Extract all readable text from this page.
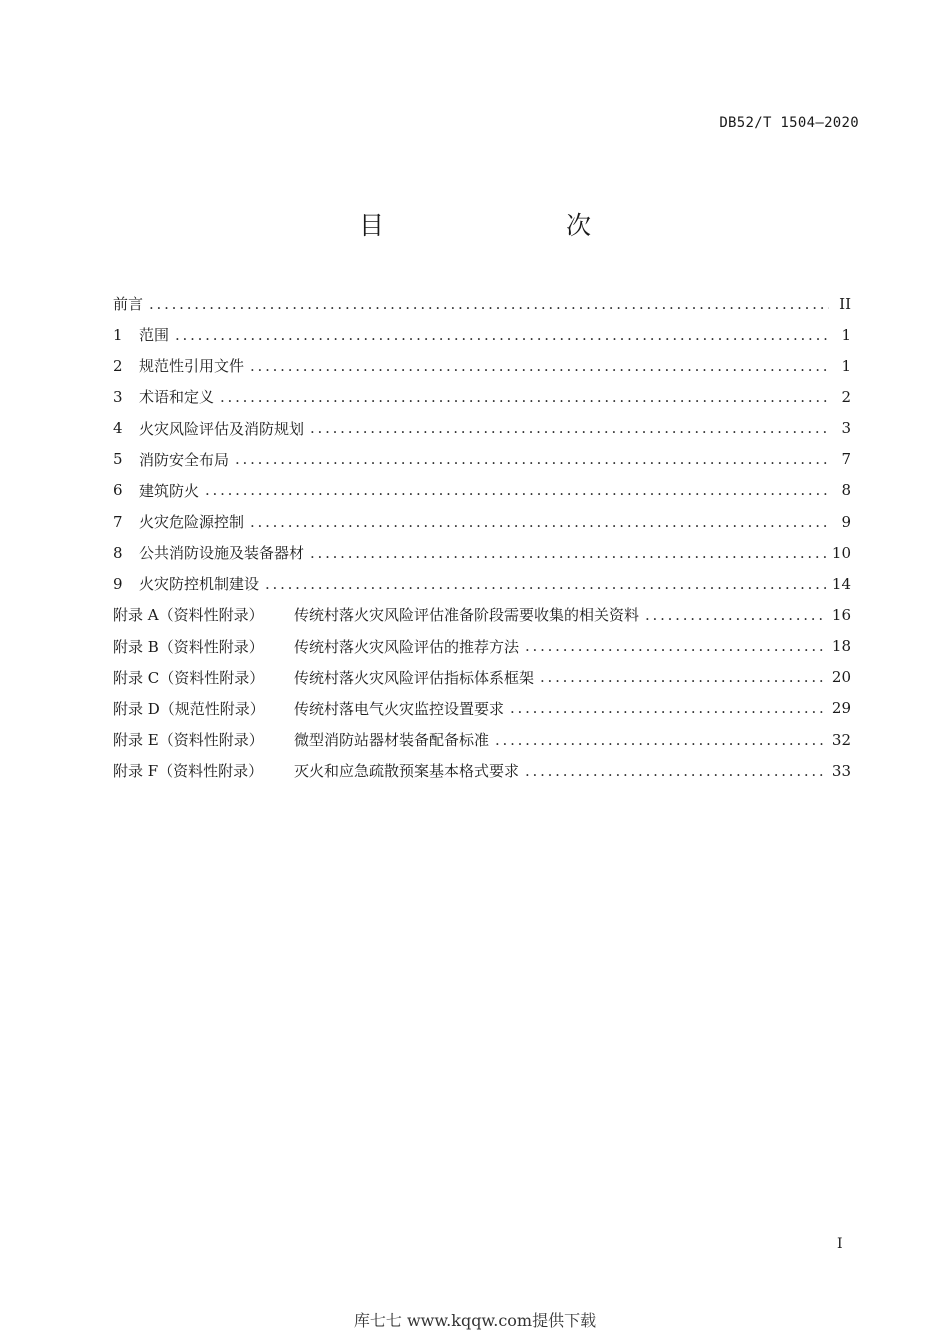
DB52/T 1504—2020
目　　次
前言 . . .	II
1	范围 . . .	1
2	规范性引用文件 . . .	1
3	术语和定义 . . .	2
4	火灾风险评估及消防规划 . . .	3
5	消防安全布局 . . .	7
6	建筑防火 . . .	8
7	火灾危险源控制 . . .	9
8	公共消防设施及装备器材 . . .	10
9	火灾防控机制建设 . . .	14
附录 A（资料性附录）	传统村落火灾风险评估准备阶段需要收集的相关资料 . . .	16
附录 B（资料性附录）	传统村落火灾风险评估的推荐方法 . . .	18
附录 C（资料性附录）	传统村落火灾风险评估指标体系框架 . . .	20
附录 D（规范性附录）	传统村落电气火灾监控设置要求 . . .	29
附录 E（资料性附录）	微型消防站器材装备配备标准 . . .	32
附录 F（资料性附录）	灭火和应急疏散预案基本格式要求 . . .	33
I
库七七 www.kqqw.com提供下载
